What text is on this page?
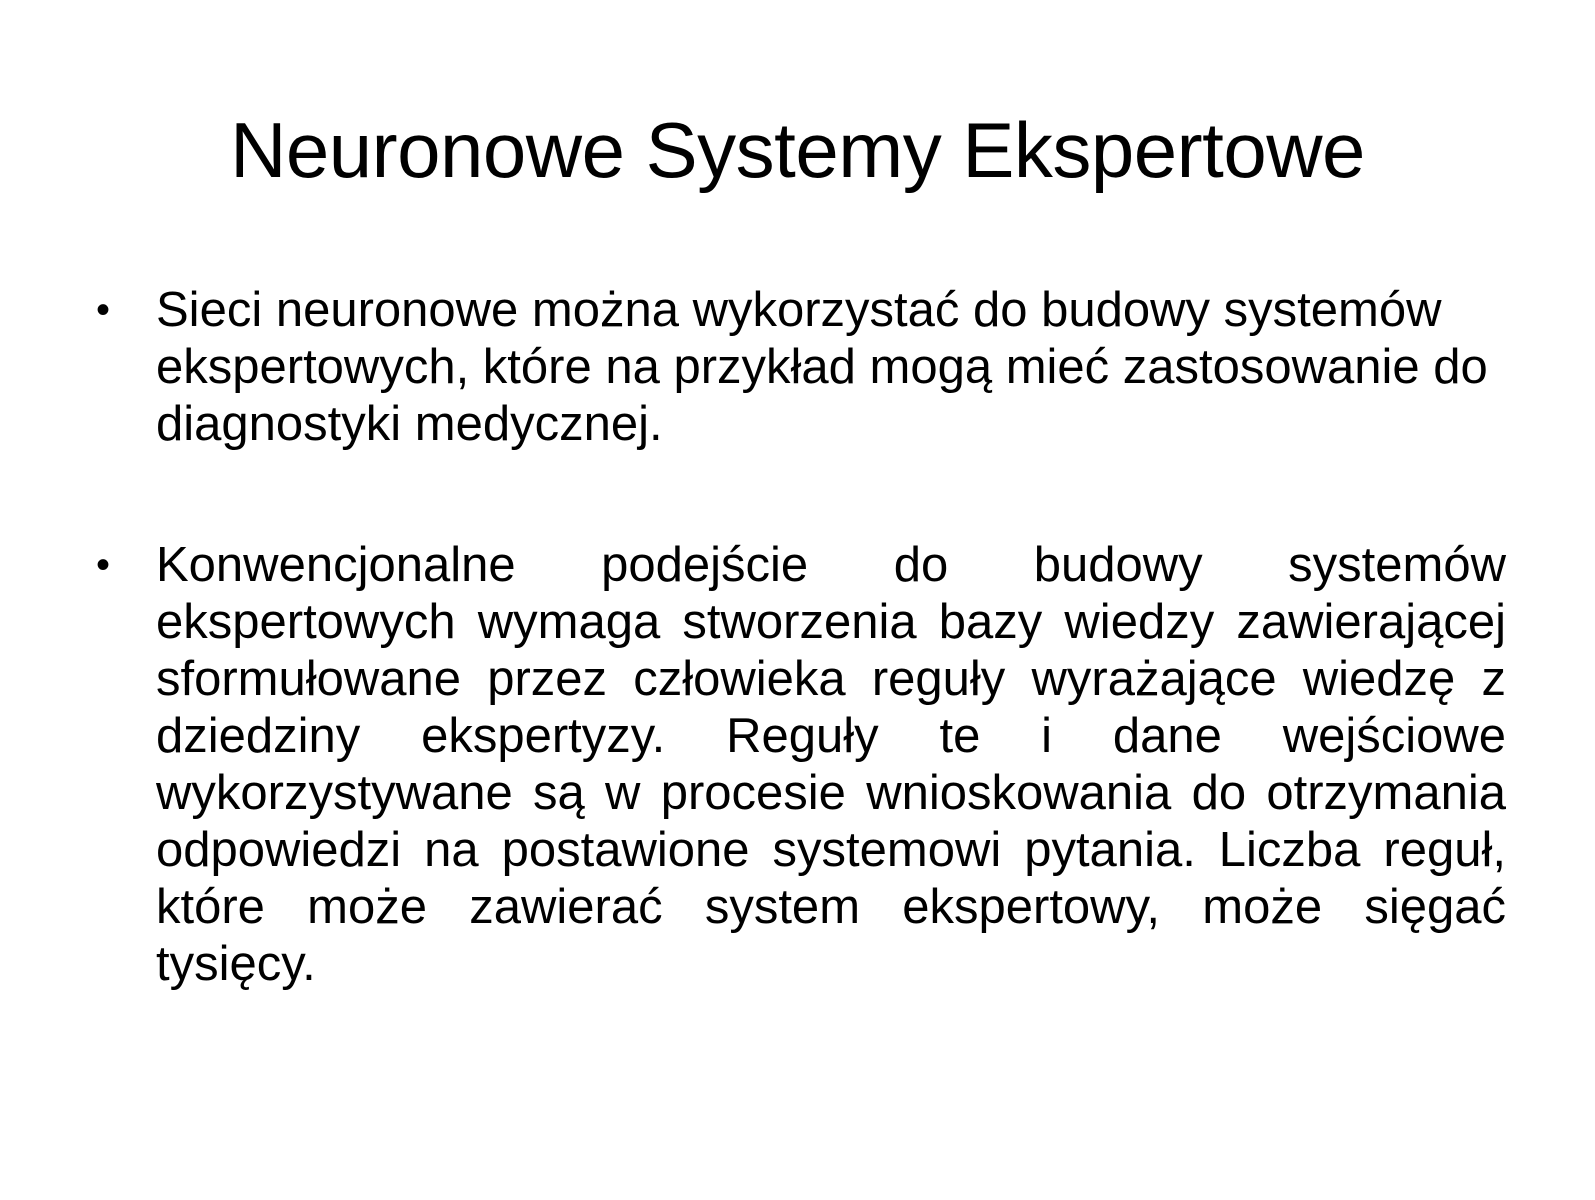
Neuronowe Systemy Ekspertowe
• Sieci neuronowe można wykorzystać do budowy systemów ekspertowych, które na przykład mogą mieć zastosowanie do diagnostyki medycznej.
• Konwencjonalne podejście do budowy systemów ekspertowych wymaga stworzenia bazy wiedzy zawierającej sformułowane przez człowieka reguły wyrażające wiedzę z dziedziny ekspertyzy. Reguły te i dane wejściowe wykorzystywane są w procesie wnioskowania do otrzymania odpowiedzi na postawione systemowi pytania. Liczba reguł, które może zawierać system ekspertowy, może sięgać tysięcy.
